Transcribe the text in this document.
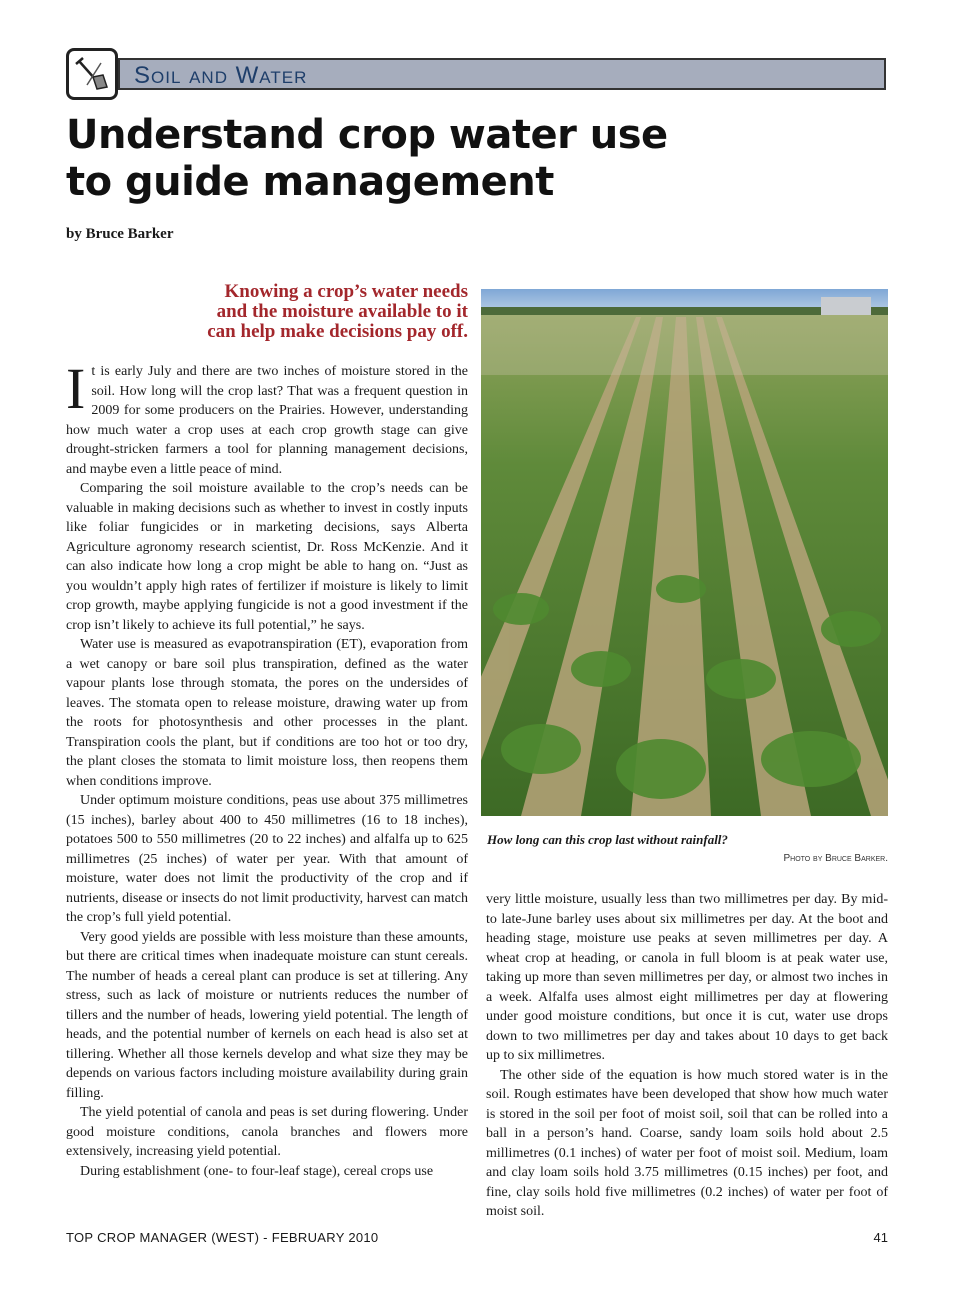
Soil and Water
Understand crop water use
to guide management
by Bruce Barker
Knowing a crop’s water needs
and the moisture available to it
can help make decisions pay off.

It is early July and there are two inches of moisture stored in the soil. How long will the crop last? That was a frequent question in 2009 for some producers on the Prairies. However, understanding how much water a crop uses at each crop growth stage can give drought-stricken farmers a tool for planning management decisions, and maybe even a little peace of mind.

Comparing the soil moisture available to the crop’s needs can be valuable in making decisions such as whether to invest in costly inputs like foliar fungicides or in marketing decisions, says Alberta Agriculture agronomy research scientist, Dr. Ross McKenzie. And it can also indicate how long a crop might be able to hang on. “Just as you wouldn’t apply high rates of fertilizer if moisture is likely to limit crop growth, maybe applying fungicide is not a good investment if the crop isn’t likely to achieve its full potential,” he says.

Water use is measured as evapotranspiration (ET), evaporation from a wet canopy or bare soil plus transpiration, defined as the water vapour plants lose through stomata, the pores on the undersides of leaves. The stomata open to release moisture, drawing water up from the roots for photosynthesis and other processes in the plant. Transpiration cools the plant, but if conditions are too hot or too dry, the plant closes the stomata to limit moisture loss, then reopens them when conditions improve.

Under optimum moisture conditions, peas use about 375 millimetres (15 inches), barley about 400 to 450 millimetres (16 to 18 inches), potatoes 500 to 550 millimetres (20 to 22 inches) and alfalfa up to 625 millimetres (25 inches) of water per year. With that amount of moisture, water does not limit the productivity of the crop and if nutrients, disease or insects do not limit productivity, harvest can match the crop’s full yield potential.

Very good yields are possible with less moisture than these amounts, but there are critical times when inadequate moisture can stunt cereals. The number of heads a cereal plant can produce is set at tillering. Any stress, such as lack of moisture or nutrients reduces the number of tillers and the number of heads, lowering yield potential. The length of heads, and the potential number of kernels on each head is also set at tillering. Whether all those kernels develop and what size they may be depends on various factors including moisture availability during grain filling.

The yield potential of canola and peas is set during flowering. Under good moisture conditions, canola branches and flowers more extensively, increasing yield potential.

During establishment (one- to four-leaf stage), cereal crops use

How long can this crop last without rainfall?
Photo by Bruce Barker.

very little moisture, usually less than two millimetres per day. By mid- to late-June barley uses about six millimetres per day. At the boot and heading stage, moisture use peaks at seven millimetres per day. A wheat crop at heading, or canola in full bloom is at peak water use, taking up more than seven millimetres per day, or almost two inches in a week. Alfalfa uses almost eight millimetres per day at flowering under good moisture conditions, but once it is cut, water use drops down to two millimetres per day and takes about 10 days to get back up to six millimetres.

The other side of the equation is how much stored water is in the soil. Rough estimates have been developed that show how much water is stored in the soil per foot of moist soil, soil that can be rolled into a ball in a person’s hand. Coarse, sandy loam soils hold about 2.5 millimetres (0.1 inches) of water per foot of moist soil. Medium, loam and clay loam soils hold 3.75 millimetres (0.15 inches) per foot, and fine, clay soils hold five millimetres (0.2 inches) of water per foot of moist soil.

TOP CROP MANAGER (WEST) - FEBRUARY 2010	41
